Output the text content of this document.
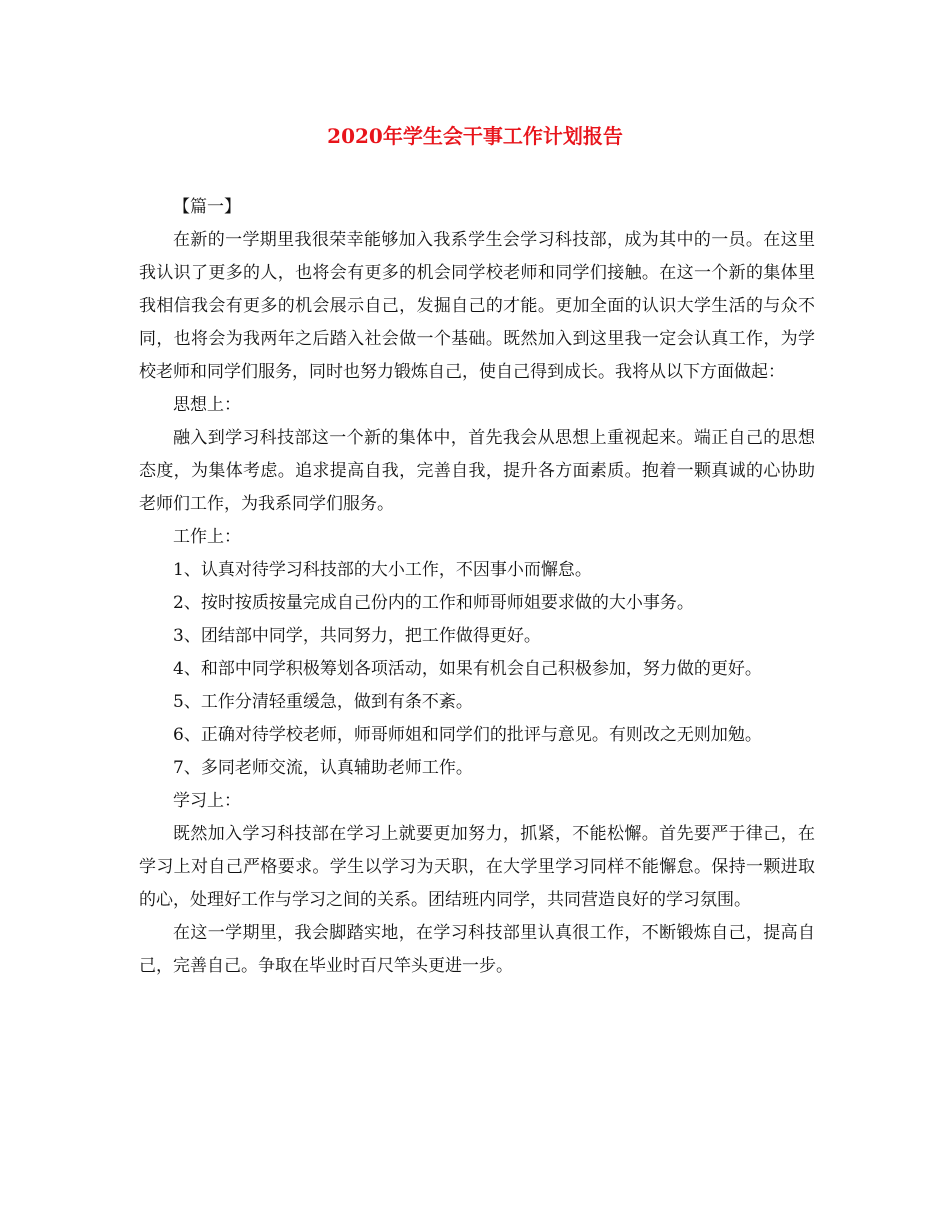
2020年学生会干事工作计划报告

【篇一】

在新的一学期里我很荣幸能够加入我系学生会学习科技部，成为其中的一员。在这里我认识了更多的人，也将会有更多的机会同学校老师和同学们接触。在这一个新的集体里我相信我会有更多的机会展示自己，发掘自己的才能。更加全面的认识大学生活的与众不同，也将会为我两年之后踏入社会做一个基础。既然加入到这里我一定会认真工作，为学校老师和同学们服务，同时也努力锻炼自己，使自己得到成长。我将从以下方面做起：

思想上：

融入到学习科技部这一个新的集体中，首先我会从思想上重视起来。端正自己的思想态度，为集体考虑。追求提高自我，完善自我，提升各方面素质。抱着一颗真诚的心协助老师们工作，为我系同学们服务。

工作上：

1、认真对待学习科技部的大小工作，不因事小而懈怠。

2、按时按质按量完成自己份内的工作和师哥师姐要求做的大小事务。

3、团结部中同学，共同努力，把工作做得更好。

4、和部中同学积极筹划各项活动，如果有机会自己积极参加，努力做的更好。

5、工作分清轻重缓急，做到有条不紊。

6、正确对待学校老师，师哥师姐和同学们的批评与意见。有则改之无则加勉。

7、多同老师交流，认真辅助老师工作。

学习上：

既然加入学习科技部在学习上就要更加努力，抓紧，不能松懈。首先要严于律己，在学习上对自己严格要求。学生以学习为天职，在大学里学习同样不能懈怠。保持一颗进取的心，处理好工作与学习之间的关系。团结班内同学，共同营造良好的学习氛围。

在这一学期里，我会脚踏实地，在学习科技部里认真很工作，不断锻炼自己，提高自己，完善自己。争取在毕业时百尺竿头更进一步。
